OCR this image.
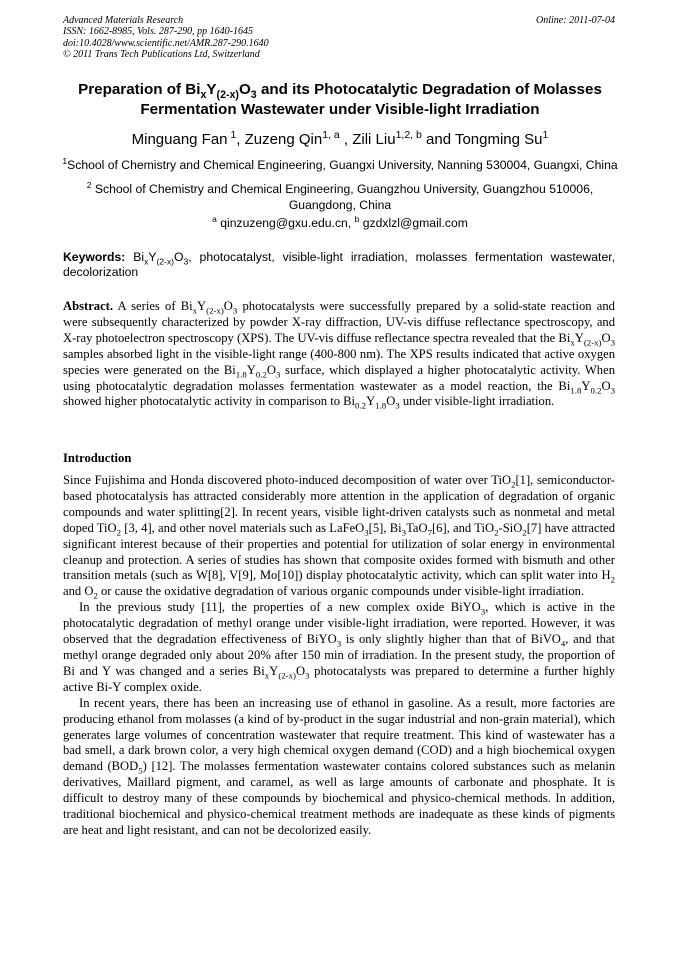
Advanced Materials Research
ISSN: 1662-8985, Vols. 287-290, pp 1640-1645
doi:10.4028/www.scientific.net/AMR.287-290.1640
© 2011 Trans Tech Publications Ltd, Switzerland
Online: 2011-07-04
Preparation of $Bi_xY_{(2-x)}O_3$ and its Photocatalytic Degradation of Molasses Fermentation Wastewater under Visible-light Irradiation
Minguang Fan $^1$, Zuzeng Qin$^{1, a}$ , Zili Liu$^{1,2, b}$ and Tongming Su$^1$
$^1$School of Chemistry and Chemical Engineering, Guangxi University, Nanning 530004, Guangxi, China
$^2$ School of Chemistry and Chemical Engineering, Guangzhou University, Guangzhou 510006, Guangdong, China
$^a$ qinzuzeng@gxu.edu.cn, $^b$ gzdxlzl@gmail.com
Keywords: $Bi_xY_{(2-x)}O_3$, photocatalyst, visible-light irradiation, molasses fermentation wastewater, decolorization
Abstract. A series of $Bi_xY_{(2-x)}O_3$ photocatalysts were successfully prepared by a solid-state reaction and were subsequently characterized by powder X-ray diffraction, UV-vis diffuse reflectance spectroscopy, and X-ray photoelectron spectroscopy (XPS). The UV-vis diffuse reflectance spectra revealed that the $Bi_xY_{(2-x)}O_3$ samples absorbed light in the visible-light range (400-800 nm). The XPS results indicated that active oxygen species were generated on the $Bi_{1.8}Y_{0.2}O_3$ surface, which displayed a higher photocatalytic activity. When using photocatalytic degradation molasses fermentation wastewater as a model reaction, the $Bi_{1.8}Y_{0.2}O_3$ showed higher photocatalytic activity in comparison to $Bi_{0.2}Y_{1.8}O_3$ under visible-light irradiation.
Introduction

Since Fujishima and Honda discovered photo-induced decomposition of water over TiO$_2$[1], semiconductor- based photocatalysis has attracted considerably more attention in the application of degradation of organic compounds and water splitting[2]. In recent years, visible light-driven catalysts such as nonmetal and metal doped TiO$_2$ [3, 4], and other novel materials such as LaFeO$_3$[5], $Bi_3TaO_7[6]$, and TiO$_2$-SiO$_2$[7] have attracted significant interest because of their properties and potential for utilization of solar energy in environmental cleanup and protection. A series of studies has shown that composite oxides formed with bismuth and other transition metals (such as W[8], V[9], Mo[10]) display photocatalytic activity, which can split water into $H_2$ and $O_2$ or cause the oxidative degradation of various organic compounds under visible-light irradiation.

In the previous study [11], the properties of a new complex oxide BiYO$_3$, which is active in the photocatalytic degradation of methyl orange under visible-light irradiation, were reported. However, it was observed that the degradation effectiveness of BiYO$_3$ is only slightly higher than that of BiVO$_4$, and that methyl orange degraded only about 20% after 150 min of irradiation. In the present study, the proportion of Bi and Y was changed and a series $Bi_xY_{(2-x)}O_3$ photocatalysts was prepared to determine a further highly active Bi-Y complex oxide.

In recent years, there has been an increasing use of ethanol in gasoline. As a result, more factories are producing ethanol from molasses (a kind of by-product in the sugar industrial and non-grain material), which generates large volumes of concentration wastewater that require treatment. This kind of wastewater has a bad smell, a dark brown color, a very high chemical oxygen demand (COD) and a high biochemical oxygen demand $(BOD_5)$ [12]. The molasses fermentation wastewater contains colored substances such as melanin derivatives, Maillard pigment, and caramel, as well as large amounts of carbonate and phosphate. It is difficult to destroy many of these compounds by biochemical and physico-chemical methods. In addition, traditional biochemical and physico-chemical treatment methods are inadequate as these kinds of pigments are heat and light resistant, and can not be decolorized easily.
